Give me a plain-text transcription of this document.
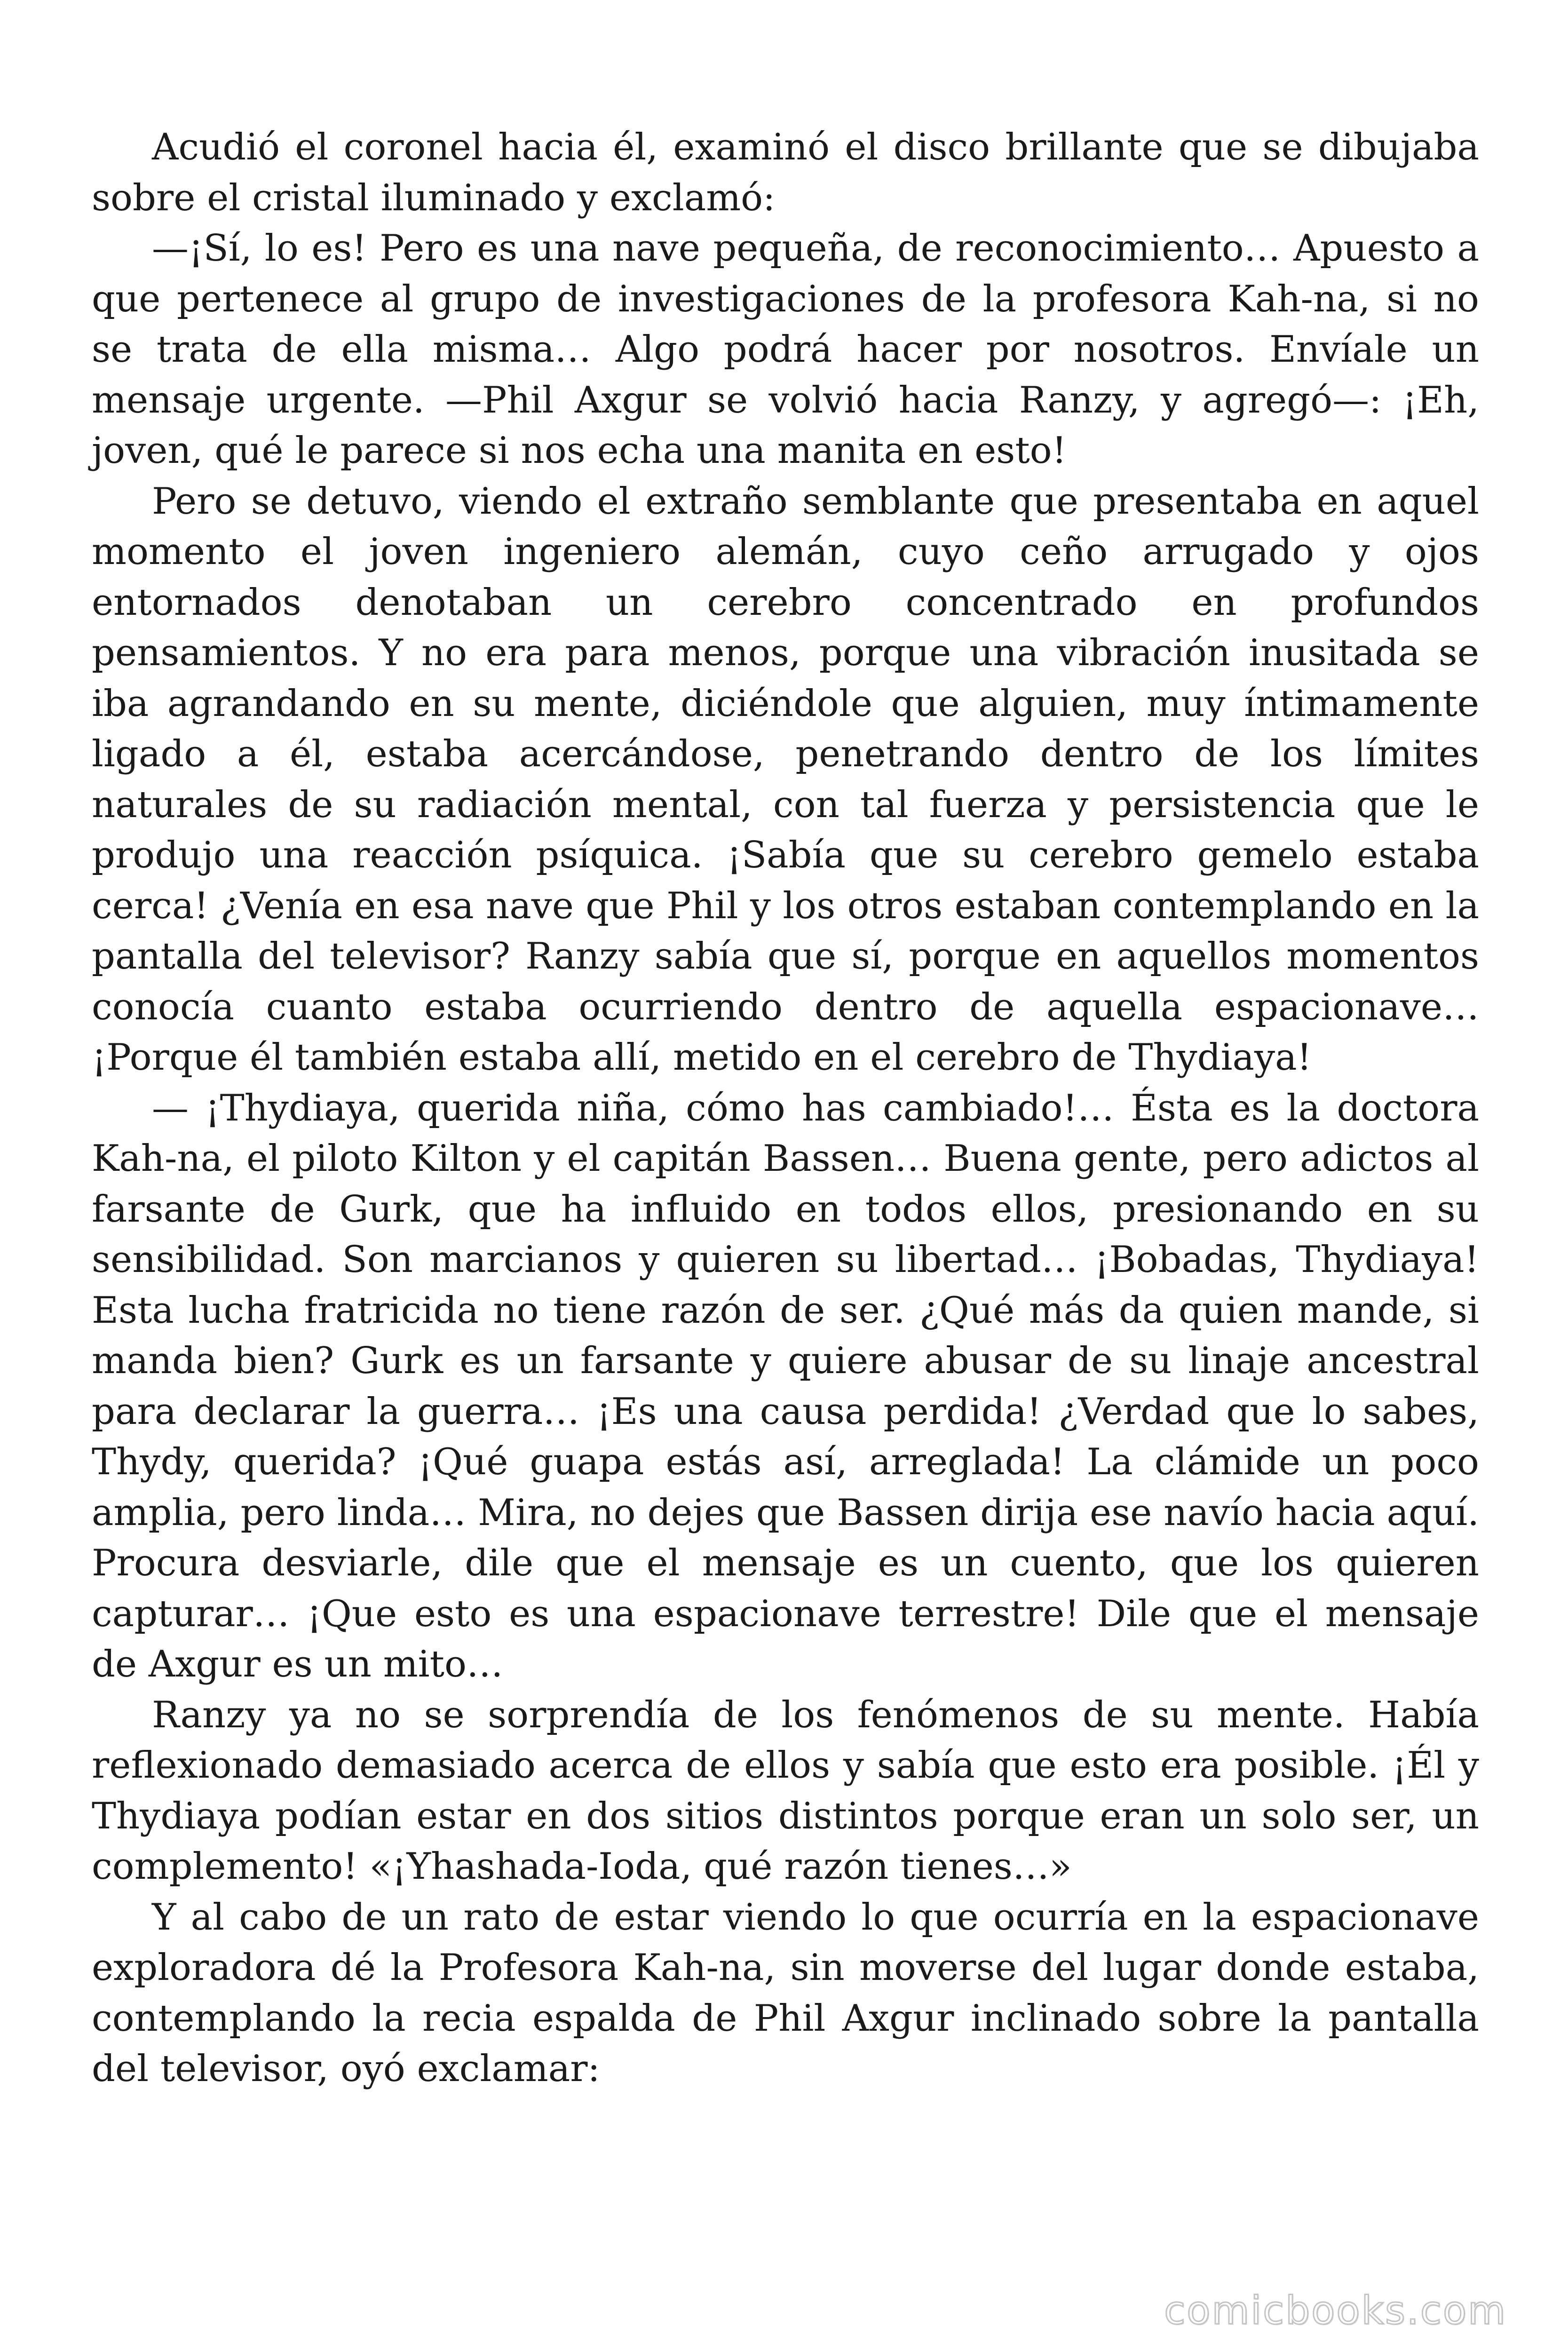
Acudió el coronel hacia él, examinó el disco brillante que se dibujaba sobre el cristal iluminado y exclamó:

—¡Sí, lo es! Pero es una nave pequeña, de reconocimiento… Apuesto a que pertenece al grupo de investigaciones de la profesora Kah-na, si no se trata de ella misma… Algo podrá hacer por nosotros. Envíale un mensaje urgente. —Phil Axgur se volvió hacia Ranzy, y agregó—: ¡Eh, joven, qué le parece si nos echa una manita en esto!

Pero se detuvo, viendo el extraño semblante que presentaba en aquel momento el joven ingeniero alemán, cuyo ceño arrugado y ojos entornados denotaban un cerebro concentrado en profundos pensamientos. Y no era para menos, porque una vibración inusitada se iba agrandando en su mente, diciéndole que alguien, muy íntimamente ligado a él, estaba acercándose, penetrando dentro de los límites naturales de su radiación mental, con tal fuerza y persistencia que le produjo una reacción psíquica. ¡Sabía que su cerebro gemelo estaba cerca! ¿Venía en esa nave que Phil y los otros estaban contemplando en la pantalla del televisor? Ranzy sabía que sí, porque en aquellos momentos conocía cuanto estaba ocurriendo dentro de aquella espacionave… ¡Porque él también estaba allí, metido en el cerebro de Thydiaya!

— ¡Thydiaya, querida niña, cómo has cambiado!… Ésta es la doctora Kah-na, el piloto Kilton y el capitán Bassen… Buena gente, pero adictos al farsante de Gurk, que ha influido en todos ellos, presionando en su sensibilidad. Son marcianos y quieren su libertad… ¡Bobadas, Thydiaya! Esta lucha fratricida no tiene razón de ser. ¿Qué más da quien mande, si manda bien? Gurk es un farsante y quiere abusar de su linaje ancestral para declarar la guerra… ¡Es una causa perdida! ¿Verdad que lo sabes, Thydy, querida? ¡Qué guapa estás así, arreglada! La clámide un poco amplia, pero linda… Mira, no dejes que Bassen dirija ese navío hacia aquí. Procura desviarle, dile que el mensaje es un cuento, que los quieren capturar… ¡Que esto es una espacionave terrestre! Dile que el mensaje de Axgur es un mito…

Ranzy ya no se sorprendía de los fenómenos de su mente. Había reflexionado demasiado acerca de ellos y sabía que esto era posible. ¡Él y Thydiaya podían estar en dos sitios distintos porque eran un solo ser, un complemento! «¡Yhashada-Ioda, qué razón tienes…»

Y al cabo de un rato de estar viendo lo que ocurría en la espacionave exploradora dé la Profesora Kah-na, sin moverse del lugar donde estaba, contemplando la recia espalda de Phil Axgur inclinado sobre la pantalla del televisor, oyó exclamar:

comicbooks.com
